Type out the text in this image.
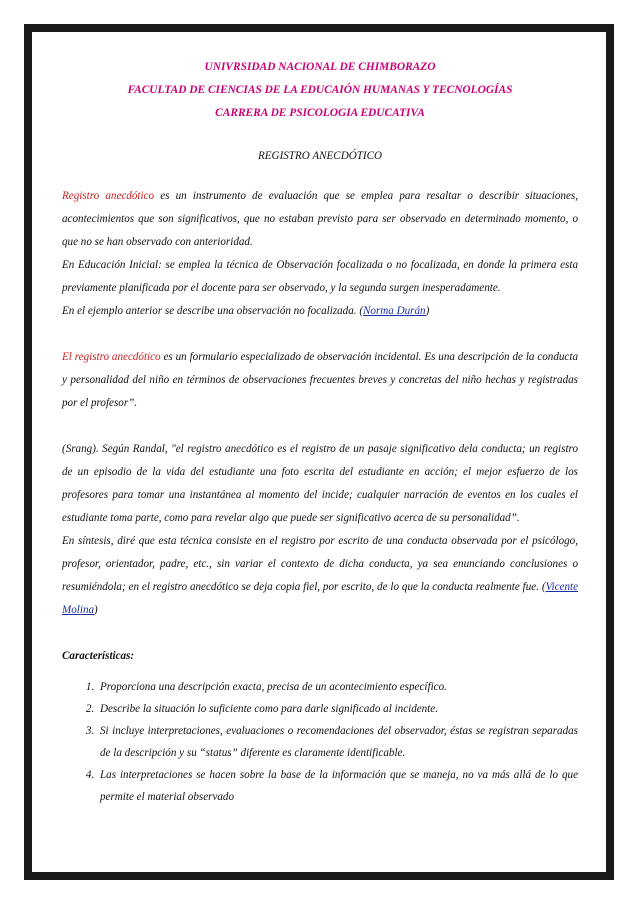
UNIVRSIDAD NACIONAL DE CHIMBORAZO
FACULTAD DE CIENCIAS DE LA EDUCAIÓN HUMANAS Y TECNOLOGÍAS
CARRERA DE PSICOLOGIA EDUCATIVA
REGISTRO ANECDÓTICO

Registro anecdótico es un instrumento de evaluación que se emplea para resaltar o describir situaciones, acontecimientos que son significativos, que no estaban previsto para ser observado en determinado momento, o que no se han observado con anterioridad.

En Educación Inicial: se emplea la técnica de Observación focalizada o no focalizada, en donde la primera esta previamente planificada por el docente para ser observado, y la segunda surgen inesperadamente.

En el ejemplo anterior se describe una observación no focalizada. (Norma Durán)

El registro anecdótico es un formulario especializado de observación incidental. Es una descripción de la conducta y personalidad del niño en términos de observaciones frecuentes breves y concretas del niño hechas y registradas por el profesor”.

(Srang). Según Randal, "el registro anecdótico es el registro de un pasaje significativo dela conducta; un registro de un episodio de la vida del estudiante una foto escrita del estudiante en acción; el mejor esfuerzo de los profesores para tomar una instantánea al momento del incide; cualquier narración de eventos en los cuales el estudiante toma parte, como para revelar algo que puede ser significativo acerca de su personalidad”.

En síntesis, diré que esta técnica consiste en el registro por escrito de una conducta observada por el psicólogo, profesor, orientador, padre, etc., sin variar el contexto de dicha conducta, ya sea enunciando conclusiones o resumiéndola; en el registro anecdótico se deja copia fiel, por escrito, de lo que la conducta realmente fue. (Vicente Molina)

Características:
1. Proporciona una descripción exacta, precisa de un acontecimiento específico.
2. Describe la situación lo suficiente como para darle significado al incidente.
3. Si incluye interpretaciones, evaluaciones o recomendaciones del observador, éstas se registran separadas de la descripción y su “status” diferente es claramente identificable.
4. Las interpretaciones se hacen sobre la base de la información que se maneja, no va más allá de lo que permite el material observado
